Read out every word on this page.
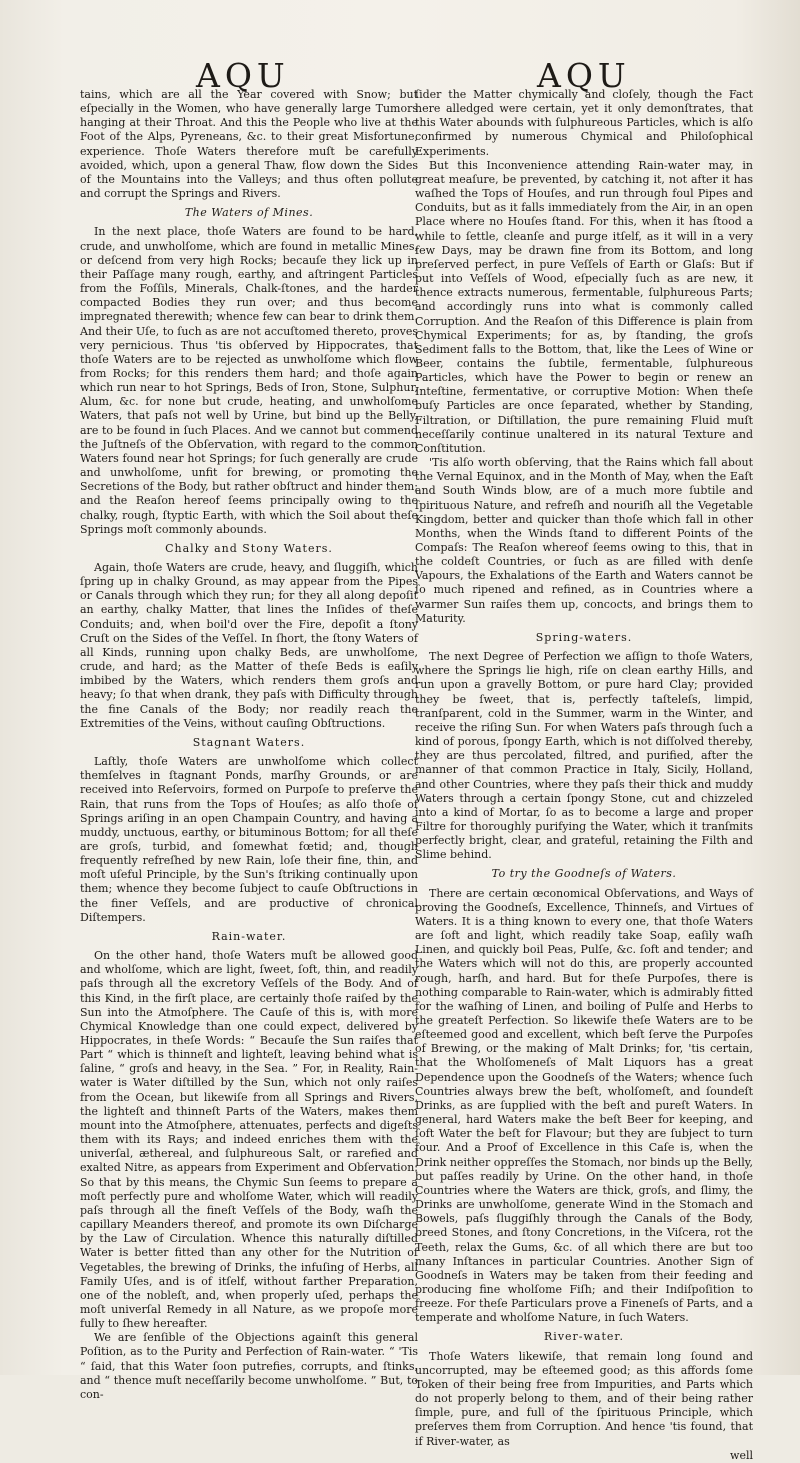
AQU	AQU

tains, which are all the Year covered with Snow; but eſpecially in the Women, who have generally large Tumors hanging at their Throat. And this the People who live at the Foot of the Alps, Pyreneans, &c. to their great Misfortune, experience. Thoſe Waters therefore muſt be carefully avoided, which, upon a general Thaw, flow down the Sides of the Mountains into the Valleys; and thus often pollute and corrupt the Springs and Rivers.

The Waters of Mines.

In the next place, thoſe Waters are found to be hard, crude, and unwholſome, which are found in metallic Mines, or deſcend from very high Rocks; becauſe they lick up in their Paſſage many rough, earthy, and aſtringent Particles from the Foſſils, Minerals, Chalk-ſtones, and the harder compacted Bodies they run over; and thus become impregnated therewith; whence few can bear to drink them. And their Uſe, to ſuch as are not accuſtomed thereto, proves very pernicious. Thus 'tis obſerved by Hippocrates, that thoſe Waters are to be rejected as unwholſome which flow from Rocks; for this renders them hard; and thoſe again which run near to hot Springs, Beds of Iron, Stone, Sulphur, Alum, &c. for none but crude, heating, and unwholſome Waters, that paſs not well by Urine, but bind up the Belly, are to be found in ſuch Places. And we cannot but commend the Juſtneſs of the Obſervation, with regard to the common Waters found near hot Springs; for ſuch generally are crude and unwholſome, unfit for brewing, or promoting the Secretions of the Body, but rather obſtruct and hinder them; and the Reaſon hereof ſeems principally owing to the chalky, rough, ſtyptic Earth, with which the Soil about theſe Springs moſt commonly abounds.

Chalky and Stony Waters.

Again, thoſe Waters are crude, heavy, and ſluggiſh, which ſpring up in chalky Ground, as may appear from the Pipes or Canals through which they run; for they all along depoſit an earthy, chalky Matter, that lines the Inſides of theſe Conduits; and, when boil'd over the Fire, depoſit a ſtony Cruſt on the Sides of the Veſſel. In ſhort, the ſtony Waters of all Kinds, running upon chalky Beds, are unwholſome, crude, and hard; as the Matter of theſe Beds is eaſily imbibed by the Waters, which renders them groſs and heavy; ſo that when drank, they paſs with Difficulty through the fine Canals of the Body; nor readily reach the Extremities of the Veins, without cauſing Obſtructions.

Stagnant Waters.

Laſtly, thoſe Waters are unwholſome which collect themſelves in ſtagnant Ponds, marſhy Grounds, or are received into Reſervoirs, formed on Purpoſe to preſerve the Rain, that runs from the Tops of Houſes; as alſo thoſe of Springs ariſing in an open Champain Country, and having a muddy, unctuous, earthy, or bituminous Bottom; for all theſe are groſs, turbid, and ſomewhat fœtid; and, though frequently refreſhed by new Rain, loſe their fine, thin, and moſt uſeful Principle, by the Sun's ſtriking continually upon them; whence they become ſubject to cauſe Obſtructions in the finer Veſſels, and are productive of chronical Diſtempers.

Rain-water.

On the other hand, thoſe Waters muſt be allowed good and wholſome, which are light, ſweet, ſoft, thin, and readily paſs through all the excretory Veſſels of the Body. And of this Kind, in the firſt place, are certainly thoſe raiſed by the Sun into the Atmoſphere. The Cauſe of this is, with more Chymical Knowledge than one could expect, delivered by Hippocrates, in theſe Words: “ Becauſe the Sun raiſes that Part “ which is thinneſt and lighteſt, leaving behind what is ſaline, “ groſs and heavy, in the Sea. ” For, in Reality, Rain-water is Water diſtilled by the Sun, which not only raiſes from the Ocean, but likewiſe from all Springs and Rivers, the lighteſt and thinneſt Parts of the Waters, makes them mount into the Atmoſphere, attenuates, perfects and digeſts them with its Rays; and indeed enriches them with the univerſal, æthereal, and ſulphureous Salt, or rarefied and exalted Nitre, as appears from Experiment and Obſervation: So that by this means, the Chymic Sun ſeems to prepare a moſt perfectly pure and wholſome Water, which will readily paſs through all the fineſt Veſſels of the Body, waſh the capillary Meanders thereof, and promote its own Diſcharge by the Law of Circulation. Whence this naturally diſtilled Water is better fitted than any other for the Nutrition of Vegetables, the brewing of Drinks, the infuſing of Herbs, all Family Uſes, and is of itſelf, without farther Preparation, one of the nobleſt, and, when properly uſed, perhaps the moſt univerſal Remedy in all Nature, as we propoſe more fully to ſhew hereafter.

We are ſenſible of the Objections againſt this general Poſition, as to the Purity and Perfection of Rain-water. “ 'Tis “ ſaid, that this Water ſoon putrefies, corrupts, and ſtinks, and “ thence muſt neceſſarily become unwholſome. ” But, to con-

ſider the Matter chymically and cloſely, though the Fact here alledged were certain, yet it only demonſtrates, that this Water abounds with ſulphureous Particles, which is alſo confirmed by numerous Chymical and Philoſophical Experiments.

But this Inconvenience attending Rain-water may, in great meaſure, be prevented, by catching it, not after it has waſhed the Tops of Houſes, and run through foul Pipes and Conduits, but as it falls immediately from the Air, in an open Place where no Houſes ſtand. For this, when it has ſtood a while to ſettle, cleanſe and purge itſelf, as it will in a very few Days, may be drawn fine from its Bottom, and long preſerved perfect, in pure Veſſels of Earth or Glaſs: But if put into Veſſels of Wood, eſpecially ſuch as are new, it thence extracts numerous, fermentable, ſulphureous Parts; and accordingly runs into what is commonly called Corruption. And the Reaſon of this Difference is plain from Chymical Experiments; for as, by ſtanding, the groſs Sediment falls to the Bottom, that, like the Lees of Wine or Beer, contains the ſubtile, fermentable, ſulphureous Particles, which have the Power to begin or renew an Inteſtine, fermentative, or corruptive Motion: When theſe buſy Particles are once ſeparated, whether by Standing, Filtration, or Diſtillation, the pure remaining Fluid muſt neceſſarily continue unaltered in its natural Texture and Conſtitution.

'Tis alſo worth obſerving, that the Rains which fall about the Vernal Equinox, and in the Month of May, when the Eaſt and South Winds blow, are of a much more ſubtile and ſpirituous Nature, and refreſh and nouriſh all the Vegetable Kingdom, better and quicker than thoſe which fall in other Months, when the Winds ſtand to different Points of the Compaſs: The Reaſon whereof ſeems owing to this, that in the coldeſt Countries, or ſuch as are filled with denſe Vapours, the Exhalations of the Earth and Waters cannot be ſo much ripened and refined, as in Countries where a warmer Sun raiſes them up, concocts, and brings them to Maturity.

Spring-waters.

The next Degree of Perfection we aſſign to thoſe Waters, where the Springs lie high, riſe on clean earthy Hills, and run upon a gravelly Bottom, or pure hard Clay; provided they be ſweet, that is, perfectly taſteleſs, limpid, tranſparent, cold in the Summer, warm in the Winter, and receive the riſing Sun. For when Waters paſs through ſuch a kind of porous, ſpongy Earth, which is not diſſolved thereby, they are thus percolated, filtred, and purified, after the manner of that common Practice in Italy, Sicily, Holland, and other Countries, where they paſs their thick and muddy Waters through a certain ſpongy Stone, cut and chizzeled into a kind of Mortar, ſo as to become a large and proper Filtre for thoroughly purifying the Water, which it tranſmits perfectly bright, clear, and grateful, retaining the Filth and Slime behind.

To try the Goodneſs of Waters.

There are certain œconomical Obſervations, and Ways of proving the Goodneſs, Excellence, Thinneſs, and Virtues of Waters. It is a thing known to every one, that thoſe Waters are ſoft and light, which readily take Soap, eaſily waſh Linen, and quickly boil Peas, Pulſe, &c. ſoft and tender; and the Waters which will not do this, are properly accounted rough, harſh, and hard. But for theſe Purpoſes, there is nothing comparable to Rain-water, which is admirably fitted for the waſhing of Linen, and boiling of Pulſe and Herbs to the greateſt Perfection. So likewiſe theſe Waters are to be eſteemed good and excellent, which beſt ſerve the Purpoſes of Brewing, or the making of Malt Drinks; for, 'tis certain, that the Wholſomeneſs of Malt Liquors has a great Dependence upon the Goodneſs of the Waters; whence ſuch Countries always brew the beſt, wholſomeſt, and ſoundeſt Drinks, as are ſupplied with the beſt and pureſt Waters. In general, hard Waters make the beſt Beer for keeping, and ſoft Water the beſt for Flavour; but they are ſubject to turn four. And a Proof of Excellence in this Caſe is, when the Drink neither oppreſſes the Stomach, nor binds up the Belly, but paſſes readily by Urine. On the other hand, in thoſe Countries where the Waters are thick, groſs, and ſlimy, the Drinks are unwholſome, generate Wind in the Stomach and Bowels, paſs ſluggiſhly through the Canals of the Body, breed Stones, and ſtony Concretions, in the Viſcera, rot the Teeth, relax the Gums, &c. of all which there are but too many Inſtances in particular Countries. Another Sign of Goodneſs in Waters may be taken from their feeding and producing fine wholſome Fiſh; and their Indiſpoſition to freeze. For theſe Particulars prove a Fineneſs of Parts, and a temperate and wholſome Nature, in ſuch Waters.

River-water.

Thoſe Waters likewiſe, that remain long ſound and uncorrupted, may be eſteemed good; as this affords ſome Token of their being free from Impurities, and Parts which do not properly belong to them, and of their being rather ſimple, pure, and full of the ſpirituous Principle, which preſerves them from Corruption. And hence 'tis found, that if River-water, as

well
